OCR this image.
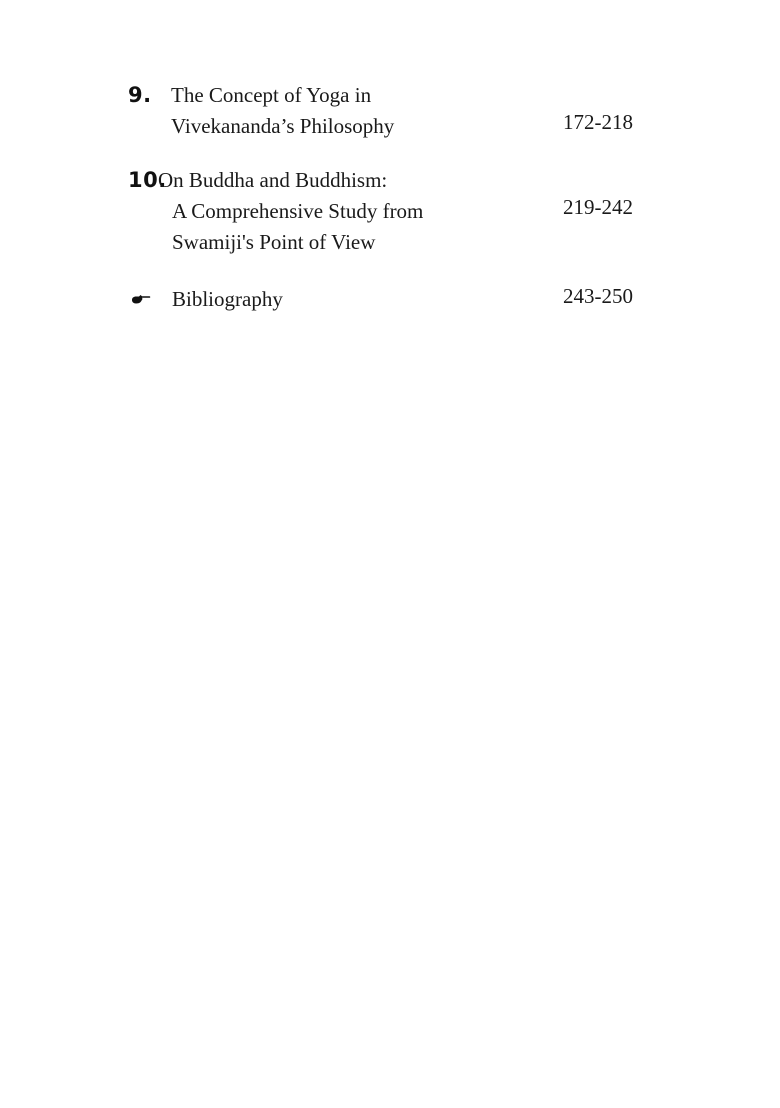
9. The Concept of Yoga in
Vivekananda’s Philosophy	172-218
10.
On Buddha and Buddhism:
A Comprehensive Study from
Swamiji's Point of View
219-242
Bibliography	243-250
